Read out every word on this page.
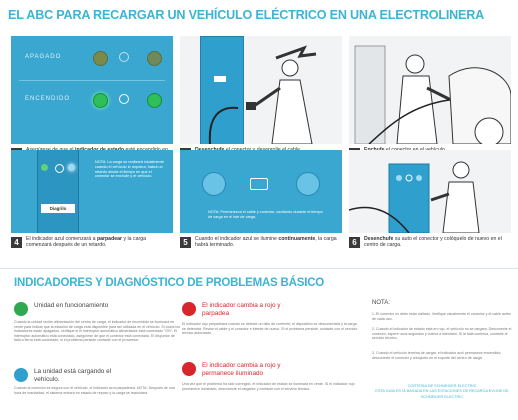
EL ABC PARA RECARGAR UN VEHÍCULO ELÉCTRICO EN UNA ELECTROLINERA
APAGADO
ENCENDIDO
Diagrilo
NOTA: La carga se realizará inicialmente cuando el vehículo lo requiera; habrá un retardo desde el tiempo en que el conector se enchufe y el vehículo.
NOTA: Permanezca el cable y conector, oscilando durante el tiempo de carga en el lote de carga.
4	El indicador azul comenzará a parpadear y la carga comenzará después de un retardo.	5	Cuando el indicador azul se ilumine continuamente, la carga habrá terminado.	6	Desenchufe su auto el conector y colóquelo de nuevo en el centro de carga.
INDICADORES Y DIAGNÓSTICO DE PROBLEMAS BÁSICO
Unidad en funcionamiento
Cuando la unidad recibe alimentación del centro de carga, el indicador de encendido se iluminará en verde para indicar que la estación de carga está disponible para ser utilizada en el vehículo. Si todos los indicadores están apagados, verifique si el interruptor automático alimentador está conectado "ON". El interruptor automático está conectado, asegúrese de que el conector está conectado. El disyuntor de falla a tierra está conectado; si el problema persiste contacte con el proveedor.
La unidad está cargando el vehículo.
Cuando la conexión es segura con el vehículo, el indicador azul parpadeará. NOTA: Después de una hora de inactividad, el sistema entrará en estado de reposo y la carga se reanudará.
El indicador cambia a rojo y parpadea
El indicador rojo parpadeará cuando se detecte un fallo de corriente; el dispositivo se desconectará y la carga se detendrá. Revise el cable y el conector e intente de nuevo. Si el problema persiste, contacte con el servicio técnico autorizado.
El indicador cambia a rojo y permanece iluminado
Una vez que el problema ha sido corregido, el indicador de estado se iluminará en verde. Si el indicador rojo permanece iluminado, desconecte el cargador y contacte con el servicio técnico.
NOTA:
1. El conector no debe estar dañado. Verifique visualmente el conector y el cable antes de cada uso.
2. Cuando el indicador de estado está en rojo, el vehículo no se cargará. Desconecte el conector, espere unos segundos y vuelva a intentarlo. Si la falla continúa, contacte al servicio técnico.
3. Cuando el vehículo termina de cargar, el indicador azul permanece encendido; desconecte el conector y colóquelo en el soporte del centro de carga.
CORTESÍA DE SCHNEIDER ELECTRIC
ESTA GUÍA ESTÁ BASADA EN LAS ESTACIONES DE RECARGA EVLINK DE SCHNEIDER ELECTRIC
